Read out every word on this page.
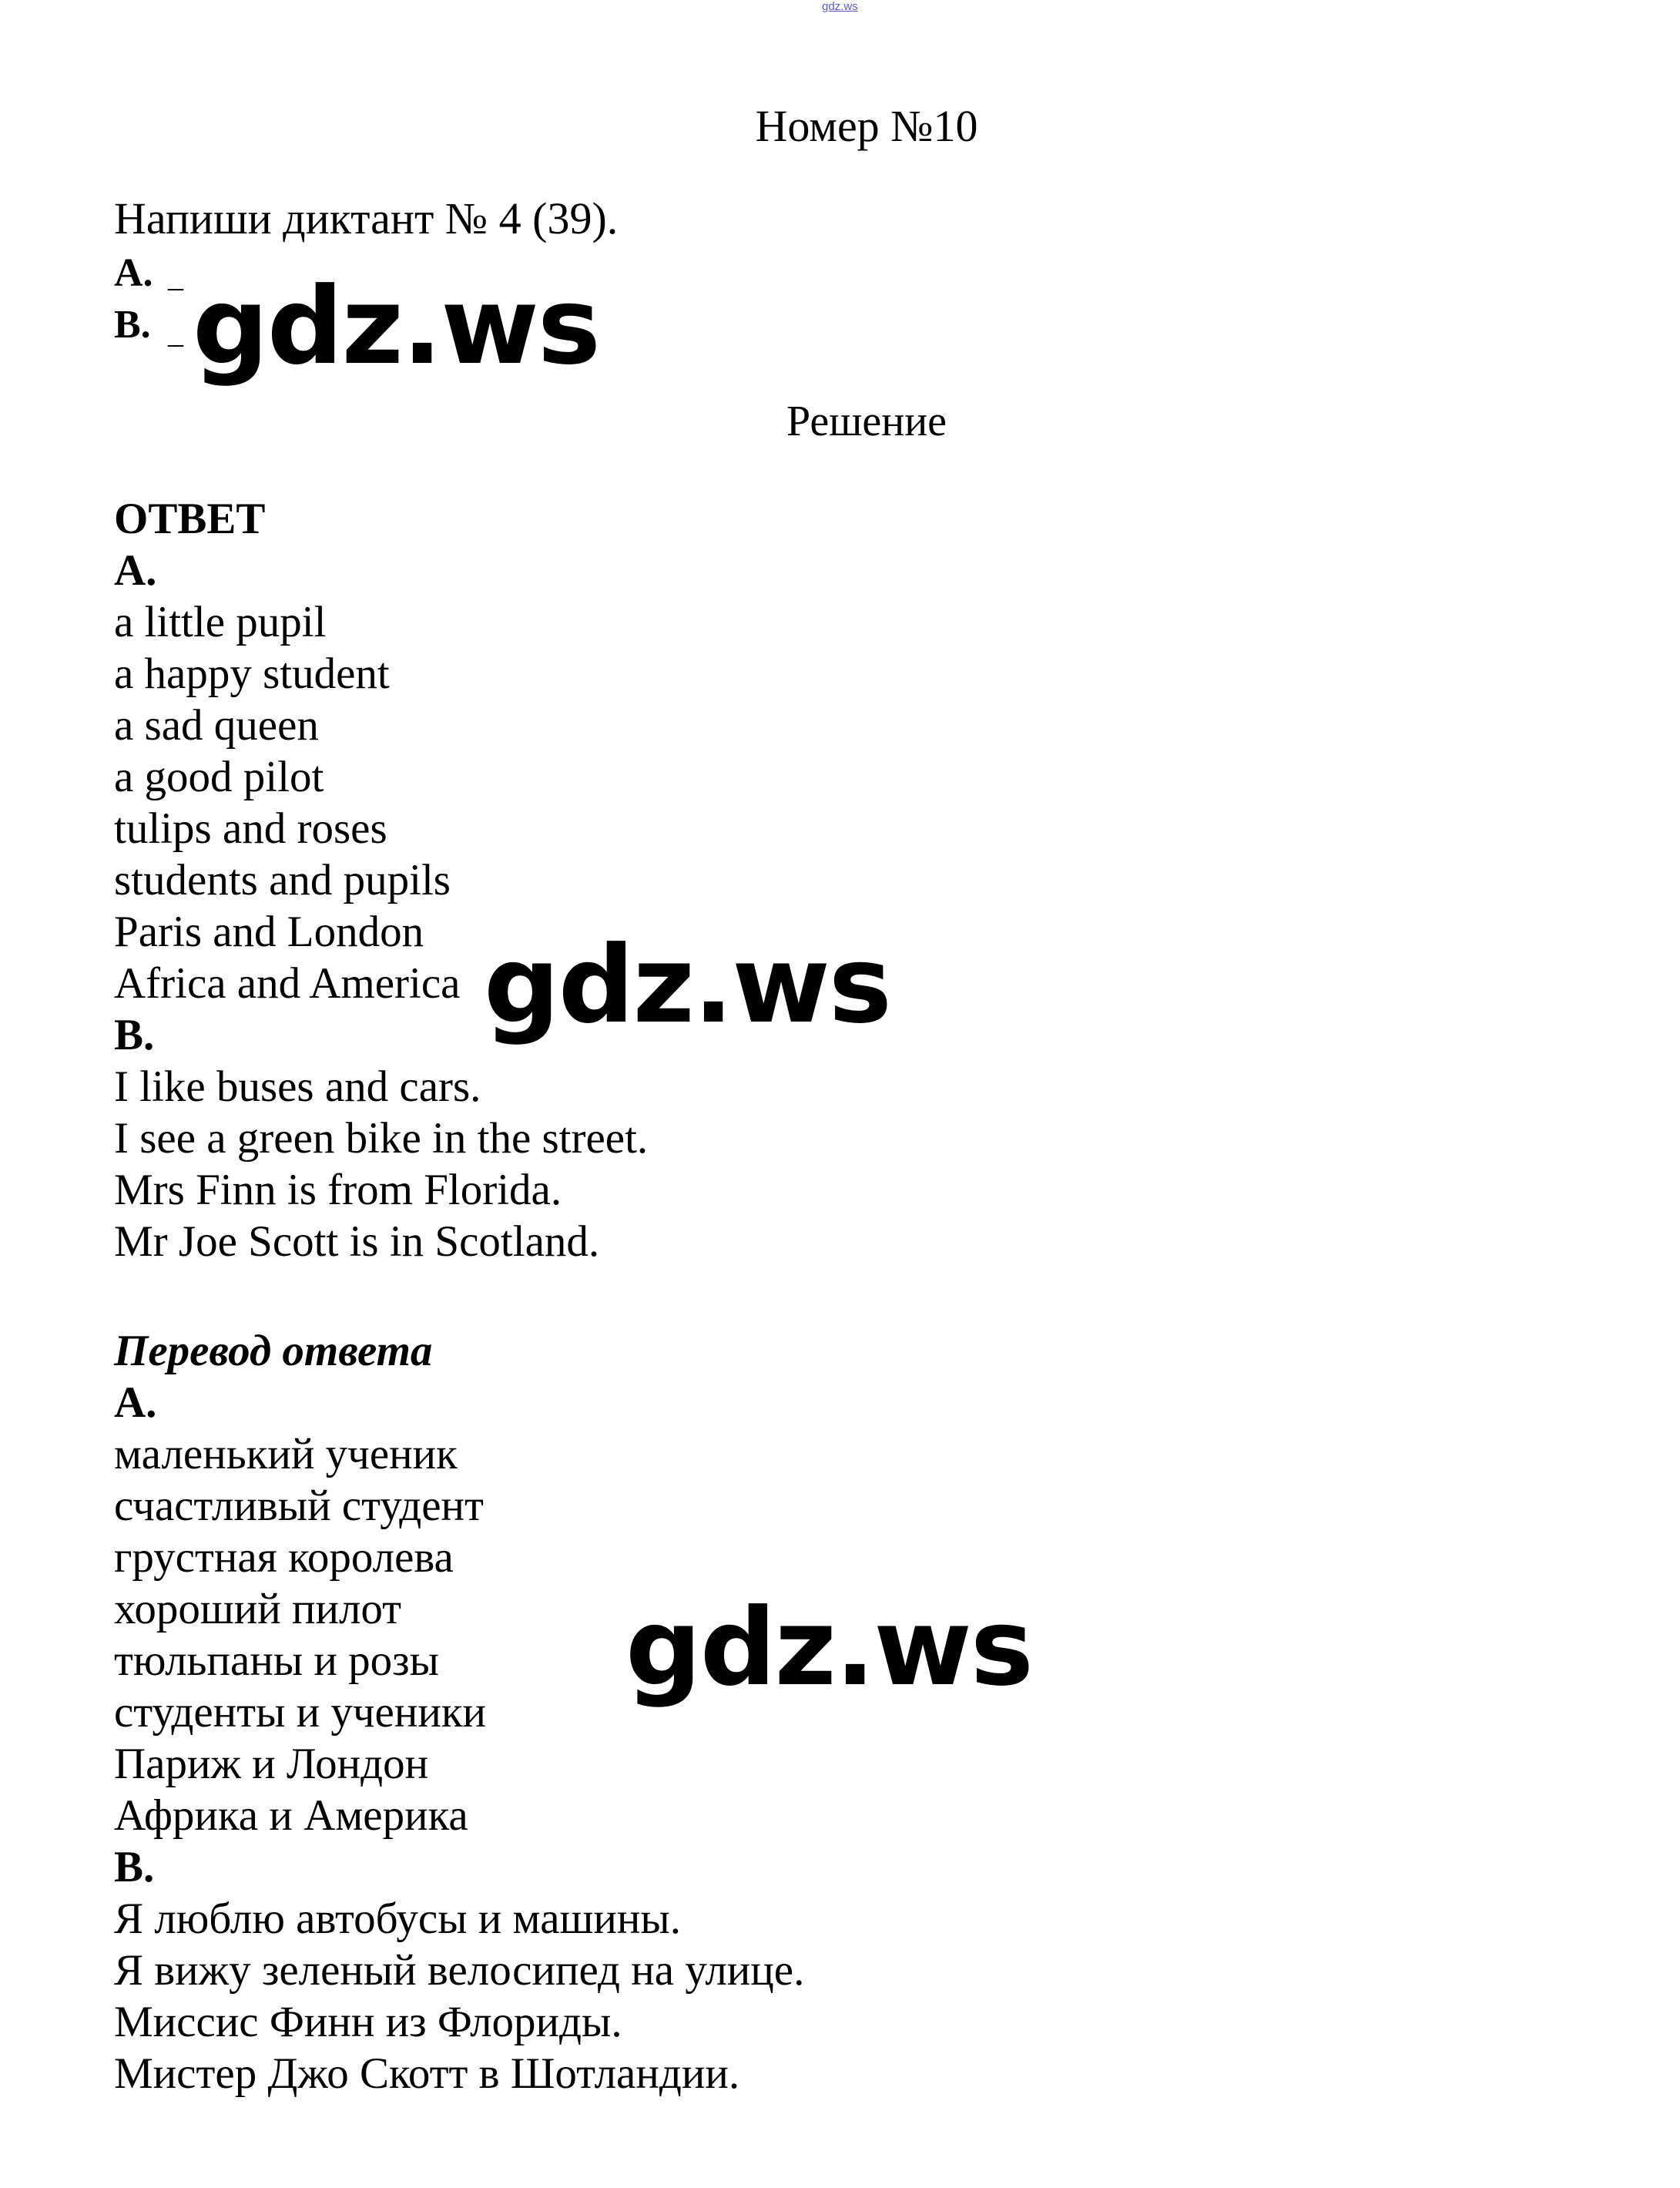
gdz.ws
Номер №10
Напиши диктант № 4 (39).
A. _
B. _ gdz.ws
Решение
ОТВЕТ
A.
a little pupil
a happy student
a sad queen
a good pilot
tulips and roses
students and pupils
Paris and London
Africa and America
B.
I like buses and cars.
I see a green bike in the street.
Mrs Finn is from Florida.
Mr Joe Scott is in Scotland.
gdz.ws
Перевод ответа
A.
маленький ученик
счастливый студент
грустная королева
хороший пилот
тюльпаны и розы
студенты и ученики
Париж и Лондон
Африка и Америка
B.
Я люблю автобусы и машины.
Я вижу зеленый велосипед на улице.
Миссис Финн из Флориды.
Мистер Джо Скотт в Шотландии.
gdz.ws
